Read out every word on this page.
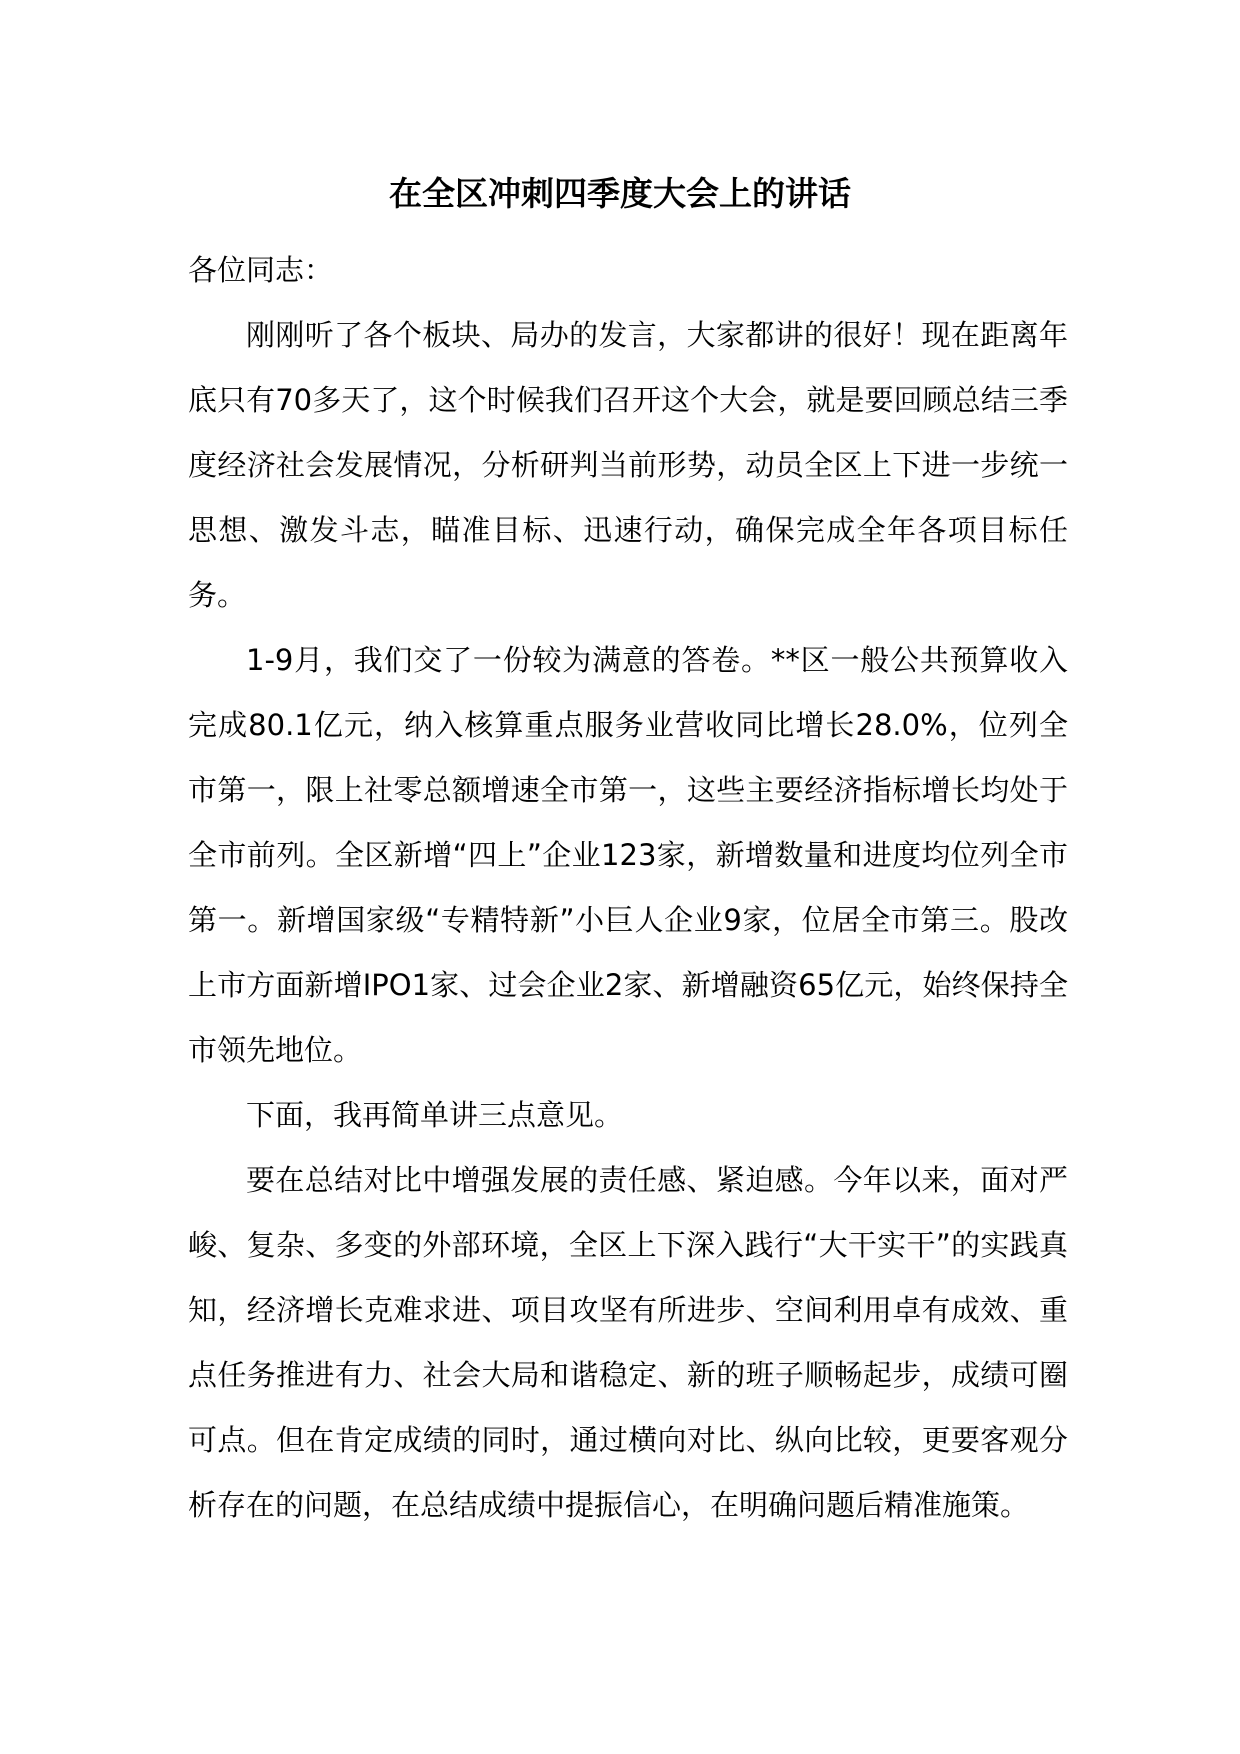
在全区冲刺四季度大会上的讲话

各位同志：

刚刚听了各个板块、局办的发言，大家都讲的很好！现在距离年底只有70多天了，这个时候我们召开这个大会，就是要回顾总结三季度经济社会发展情况，分析研判当前形势，动员全区上下进一步统一思想、激发斗志，瞄准目标、迅速行动，确保完成全年各项目标任务。

1-9月，我们交了一份较为满意的答卷。**区一般公共预算收入完成80.1亿元，纳入核算重点服务业营收同比增长28.0%，位列全市第一，限上社零总额增速全市第一，这些主要经济指标增长均处于全市前列。全区新增“四上”企业123家，新增数量和进度均位列全市第一。新增国家级“专精特新”小巨人企业9家，位居全市第三。股改上市方面新增IPO1家、过会企业2家、新增融资65亿元，始终保持全市领先地位。

下面，我再简单讲三点意见。

要在总结对比中增强发展的责任感、紧迫感。今年以来，面对严峻、复杂、多变的外部环境，全区上下深入践行“大干实干”的实践真知，经济增长克难求进、项目攻坚有所进步、空间利用卓有成效、重点任务推进有力、社会大局和谐稳定、新的班子顺畅起步，成绩可圈可点。但在肯定成绩的同时，通过横向对比、纵向比较，更要客观分析存在的问题，在总结成绩中提振信心，在明确问题后精准施策。
